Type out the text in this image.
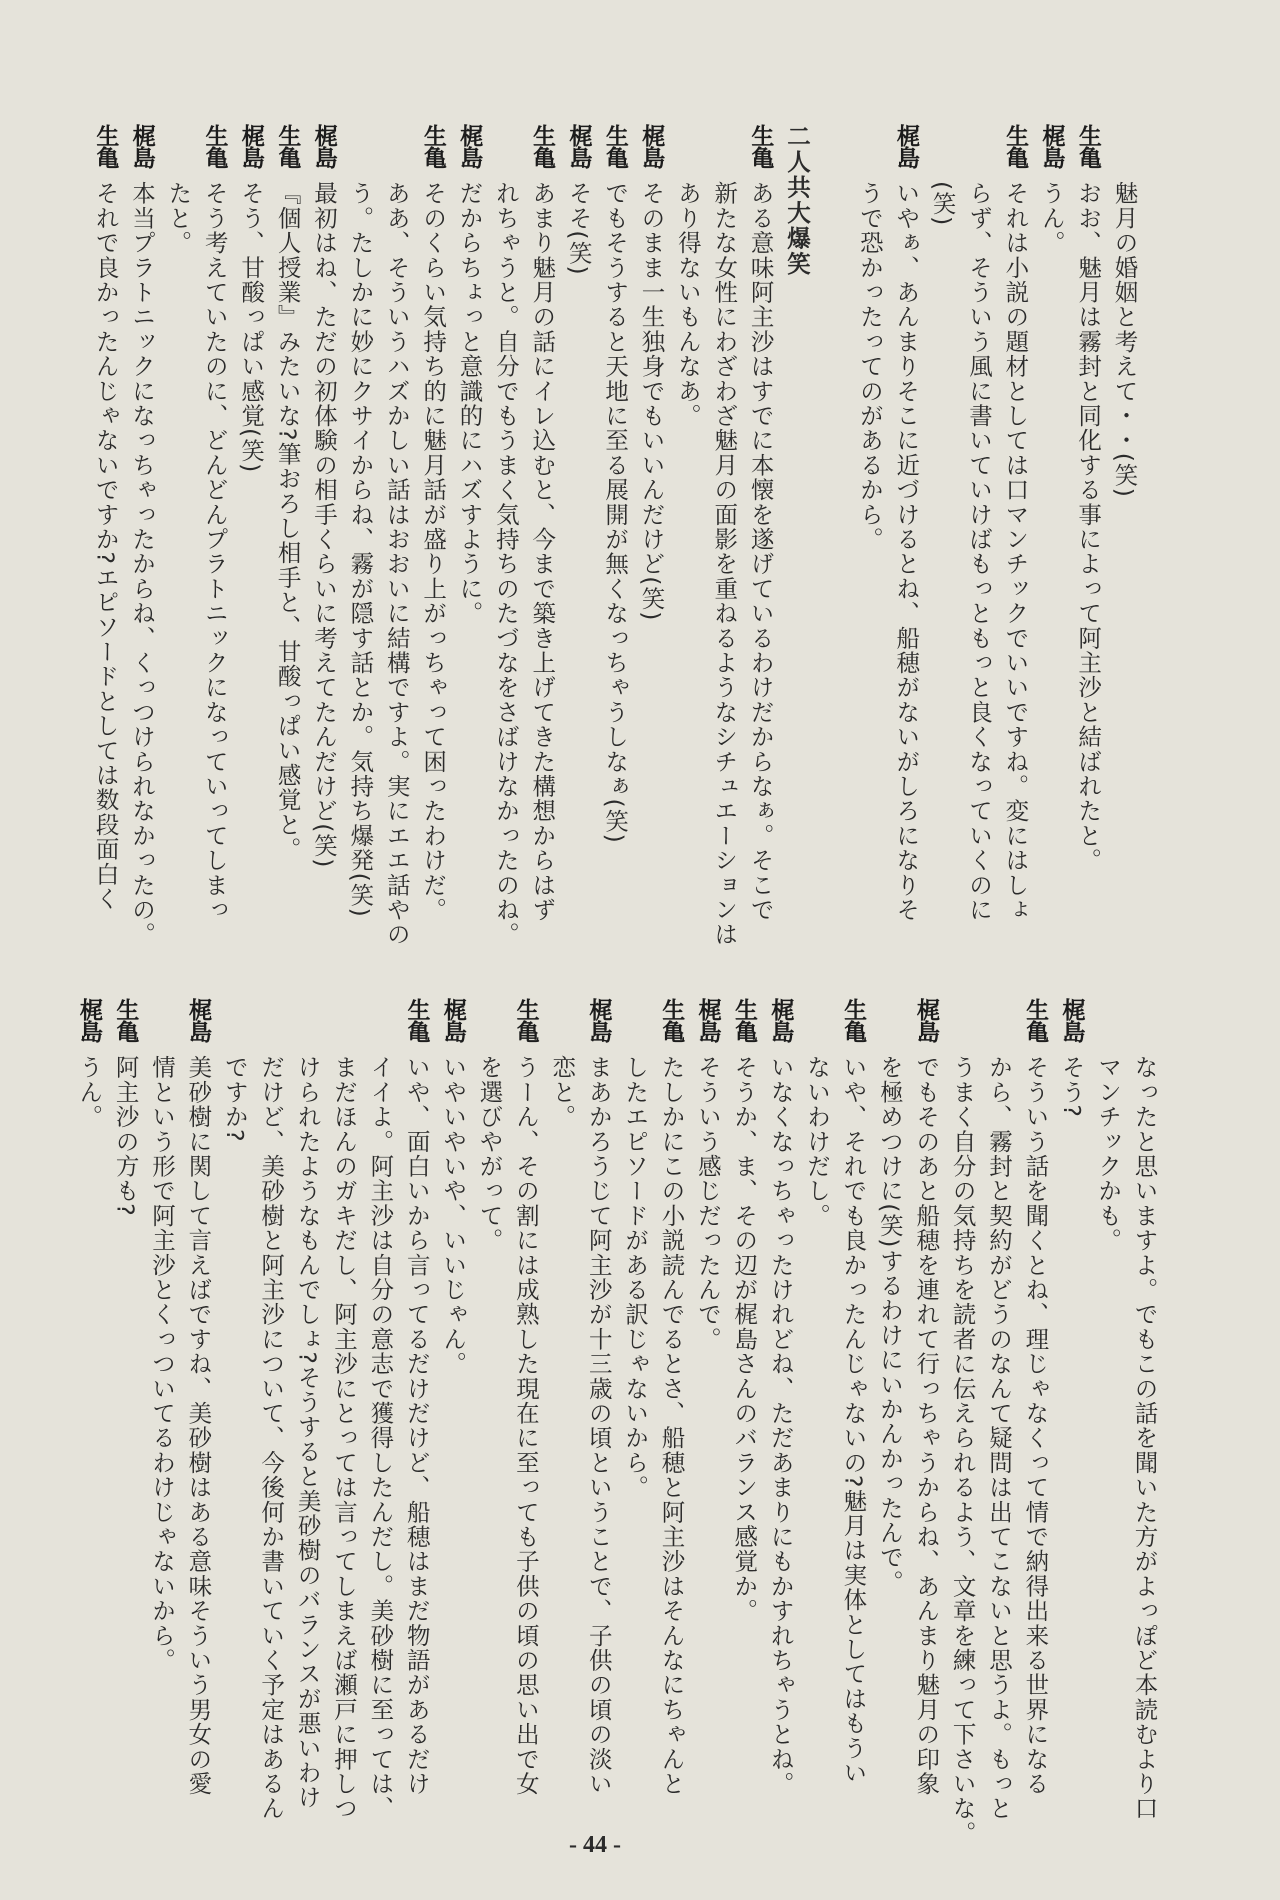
魅月の婚姻と考えて・・(笑)
生亀
おお、魅月は霧封と同化する事によって阿主沙と結ばれたと。
梶島
うん。
生亀
それは小説の題材としては口マンチックでいいですね。変にはしょ
らず、そういう風に書いていけばもっともっと良くなっていくのに
(笑)
梶島
いやぁ、あんまりそこに近づけるとね、船穂がないがしろになりそ
うで恐かったってのがあるから。
二人共大爆笑
生亀
ある意味阿主沙はすでに本懐を遂げているわけだからなぁ。そこで
新たな女性にわざわざ魅月の面影を重ねるようなシチュエーションは
あり得ないもんなあ。
梶島
そのまま一生独身でもいいんだけど(笑)
生亀
でもそうすると天地に至る展開が無くなっちゃうしなぁ(笑)
梶島
そそ(笑)
生亀
あまり魅月の話にイレ込むと、今まで築き上げてきた構想からはず
れちゃうと。自分でもうまく気持ちのたづなをさばけなかったのね。
梶島
だからちょっと意識的にハズすように。
生亀
そのくらい気持ち的に魅月話が盛り上がっちゃって困ったわけだ。
ああ、そういうハズかしい話はおおいに結構ですよ。実にエエ話やの
う。たしかに妙にクサイからね、霧が隠す話とか。気持ち爆発(笑)
梶島
最初はね、ただの初体験の相手くらいに考えてたんだけど(笑)
生亀
『個人授業』みたいな?筆おろし相手と、甘酸っぱい感覚と。
梶島
そう、甘酸っぱい感覚(笑)
生亀
そう考えていたのに、どんどんプラトニックになっていってしまっ
たと。
梶島
本当プラトニックになっちゃったからね、くっつけられなかったの。
生亀
それで良かったんじゃないですか?エピソードとしては数段面白く
なったと思いますよ。でもこの話を聞いた方がよっぽど本読むより口
マンチックかも。
梶島
そう?
生亀
そういう話を聞くとね、理じゃなくって情で納得出来る世界になる
から、霧封と契約がどうのなんて疑問は出てこないと思うよ。もっと
うまく自分の気持ちを読者に伝えられるよう、文章を練って下さいな。
梶島
でもそのあと船穂を連れて行っちゃうからね、あんまり魅月の印象
を極めつけに(笑)するわけにいかんかったんで。
生亀
いや、それでも良かったんじゃないの?魅月は実体としてはもうい
ないわけだし。
梶島
いなくなっちゃったけれどね、ただあまりにもかすれちゃうとね。
生亀
そうか、ま、その辺が梶島さんのバランス感覚か。
梶島
そういう感じだったんで。
生亀
たしかにこの小説読んでるとさ、船穂と阿主沙はそんなにちゃんと
したエピソードがある訳じゃないから。
梶島
まあかろうじて阿主沙が十三歳の頃ということで、子供の頃の淡い
恋と。
生亀
うーん、その割には成熟した現在に至っても子供の頃の思い出で女
を選びやがって。
梶島
いやいやいや、いいじゃん。
生亀
いや、面白いから言ってるだけだけど、船穂はまだ物語があるだけ
イイよ。阿主沙は自分の意志で獲得したんだし。美砂樹に至っては、
まだほんのガキだし、阿主沙にとっては言ってしまえば瀬戸に押しつ
けられたようなもんでしょ?そうすると美砂樹のバランスが悪いわけ
だけど、美砂樹と阿主沙について、今後何か書いていく予定はあるん
ですか?
梶島
美砂樹に関して言えばですね、美砂樹はある意味そういう男女の愛
情という形で阿主沙とくっついてるわけじゃないから。
生亀
阿主沙の方も?
梶島
うん。
- 44 -
